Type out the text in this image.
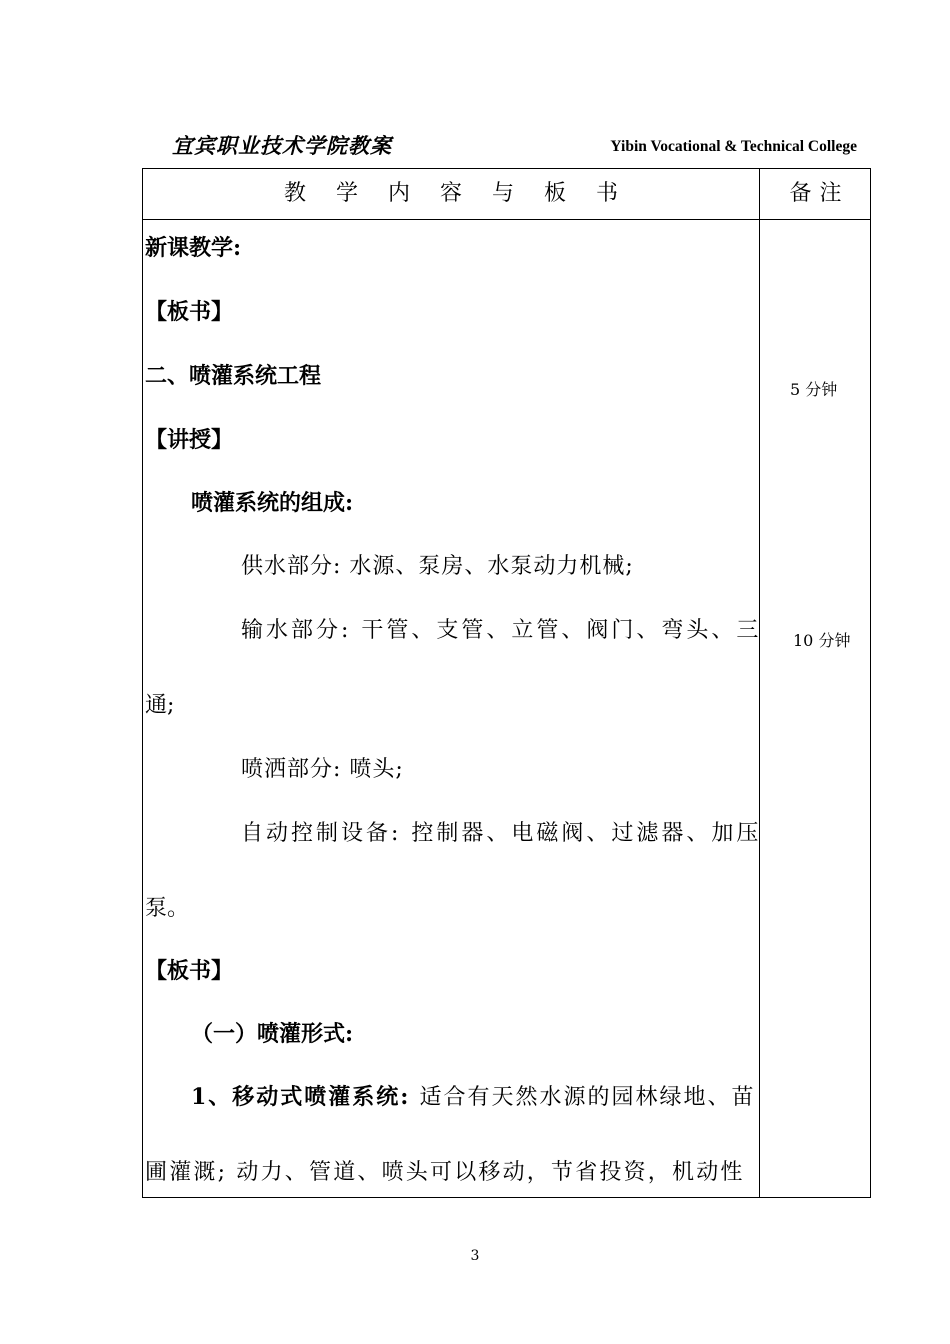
宜宾职业技术学院教案	Yibin Vocational & Technical College
教学内容与板书	备注
新课教学:
【板书】
二、喷灌系统工程
【讲授】
喷灌系统的组成:
供水部分: 水源、泵房、水泵动力机械;
输水部分: 干管、支管、立管、阀门、弯头、三
通;
喷洒部分: 喷头;
自动控制设备: 控制器、电磁阀、过滤器、加压
泵。
【板书】
（一）喷灌形式:
1、移动式喷灌系统: 适合有天然水源的园林绿地、苗
圃灌溉; 动力、管道、喷头可以移动，节省投资，机动性
5 分钟
10 分钟
3
